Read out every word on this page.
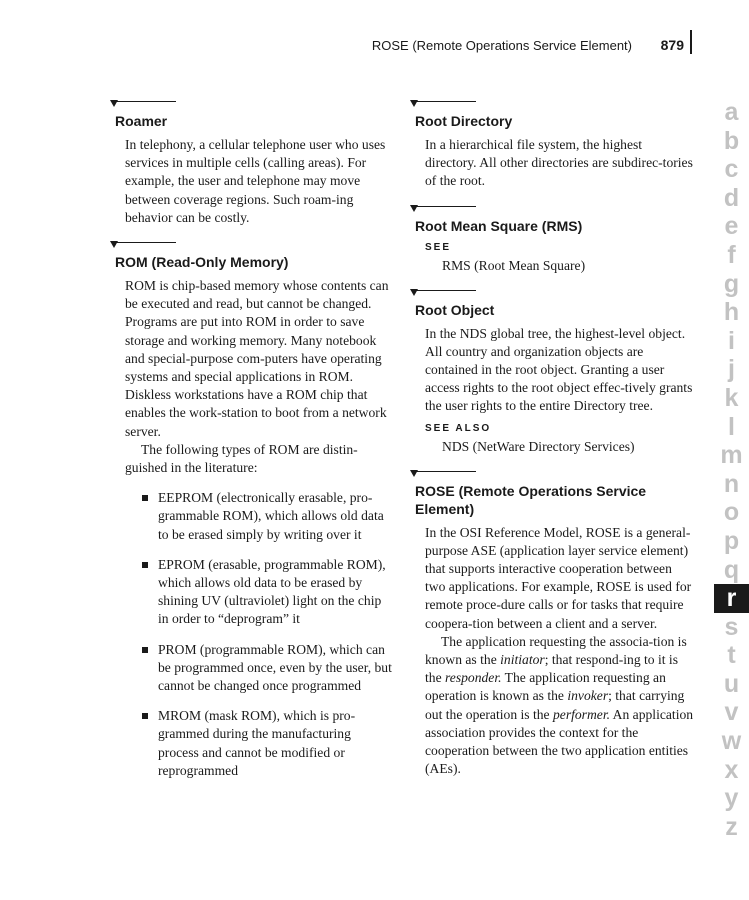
ROSE (Remote Operations Service Element) 879
Roamer

In telephony, a cellular telephone user who uses services in multiple cells (calling areas). For example, the user and telephone may move between coverage regions. Such roam-ing behavior can be costly.

ROM (Read-Only Memory)

ROM is chip-based memory whose contents can be executed and read, but cannot be changed. Programs are put into ROM in order to save storage and working memory. Many notebook and special-purpose com-puters have operating systems and special applications in ROM. Diskless workstations have a ROM chip that enables the work-station to boot from a network server.

The following types of ROM are distin-guished in the literature:

EEPROM (electronically erasable, pro-grammable ROM), which allows old data to be erased simply by writing over it
EPROM (erasable, programmable ROM), which allows old data to be erased by shining UV (ultraviolet) light on the chip in order to “deprogram” it
PROM (programmable ROM), which can be programmed once, even by the user, but cannot be changed once programmed
MROM (mask ROM), which is pro-grammed during the manufacturing process and cannot be modified or reprogrammed
Root Directory

In a hierarchical file system, the highest directory. All other directories are subdirec-tories of the root.

Root Mean Square (RMS)
SEE
RMS (Root Mean Square)
Root Object

In the NDS global tree, the highest-level object. All country and organization objects are contained in the root object. Granting a user access rights to the root object effec-tively grants the user rights to the entire Directory tree.

SEE ALSO
NDS (NetWare Directory Services)
ROSE (Remote Operations Service Element)

In the OSI Reference Model, ROSE is a general-purpose ASE (application layer service element) that supports interactive cooperation between two applications. For example, ROSE is used for remote proce-dure calls or for tasks that require coopera-tion between a client and a server.

The application requesting the associa-tion is known as the initiator; that respond-ing to it is the responder. The application requesting an operation is known as the invoker; that carrying out the operation is the performer. An application association provides the context for the cooperation between the two application entities (AEs).

a
b
c
d
e
f
g
h
i
j
k
l
m
n
o
p
q
r
s
t
u
v
w
x
y
z
